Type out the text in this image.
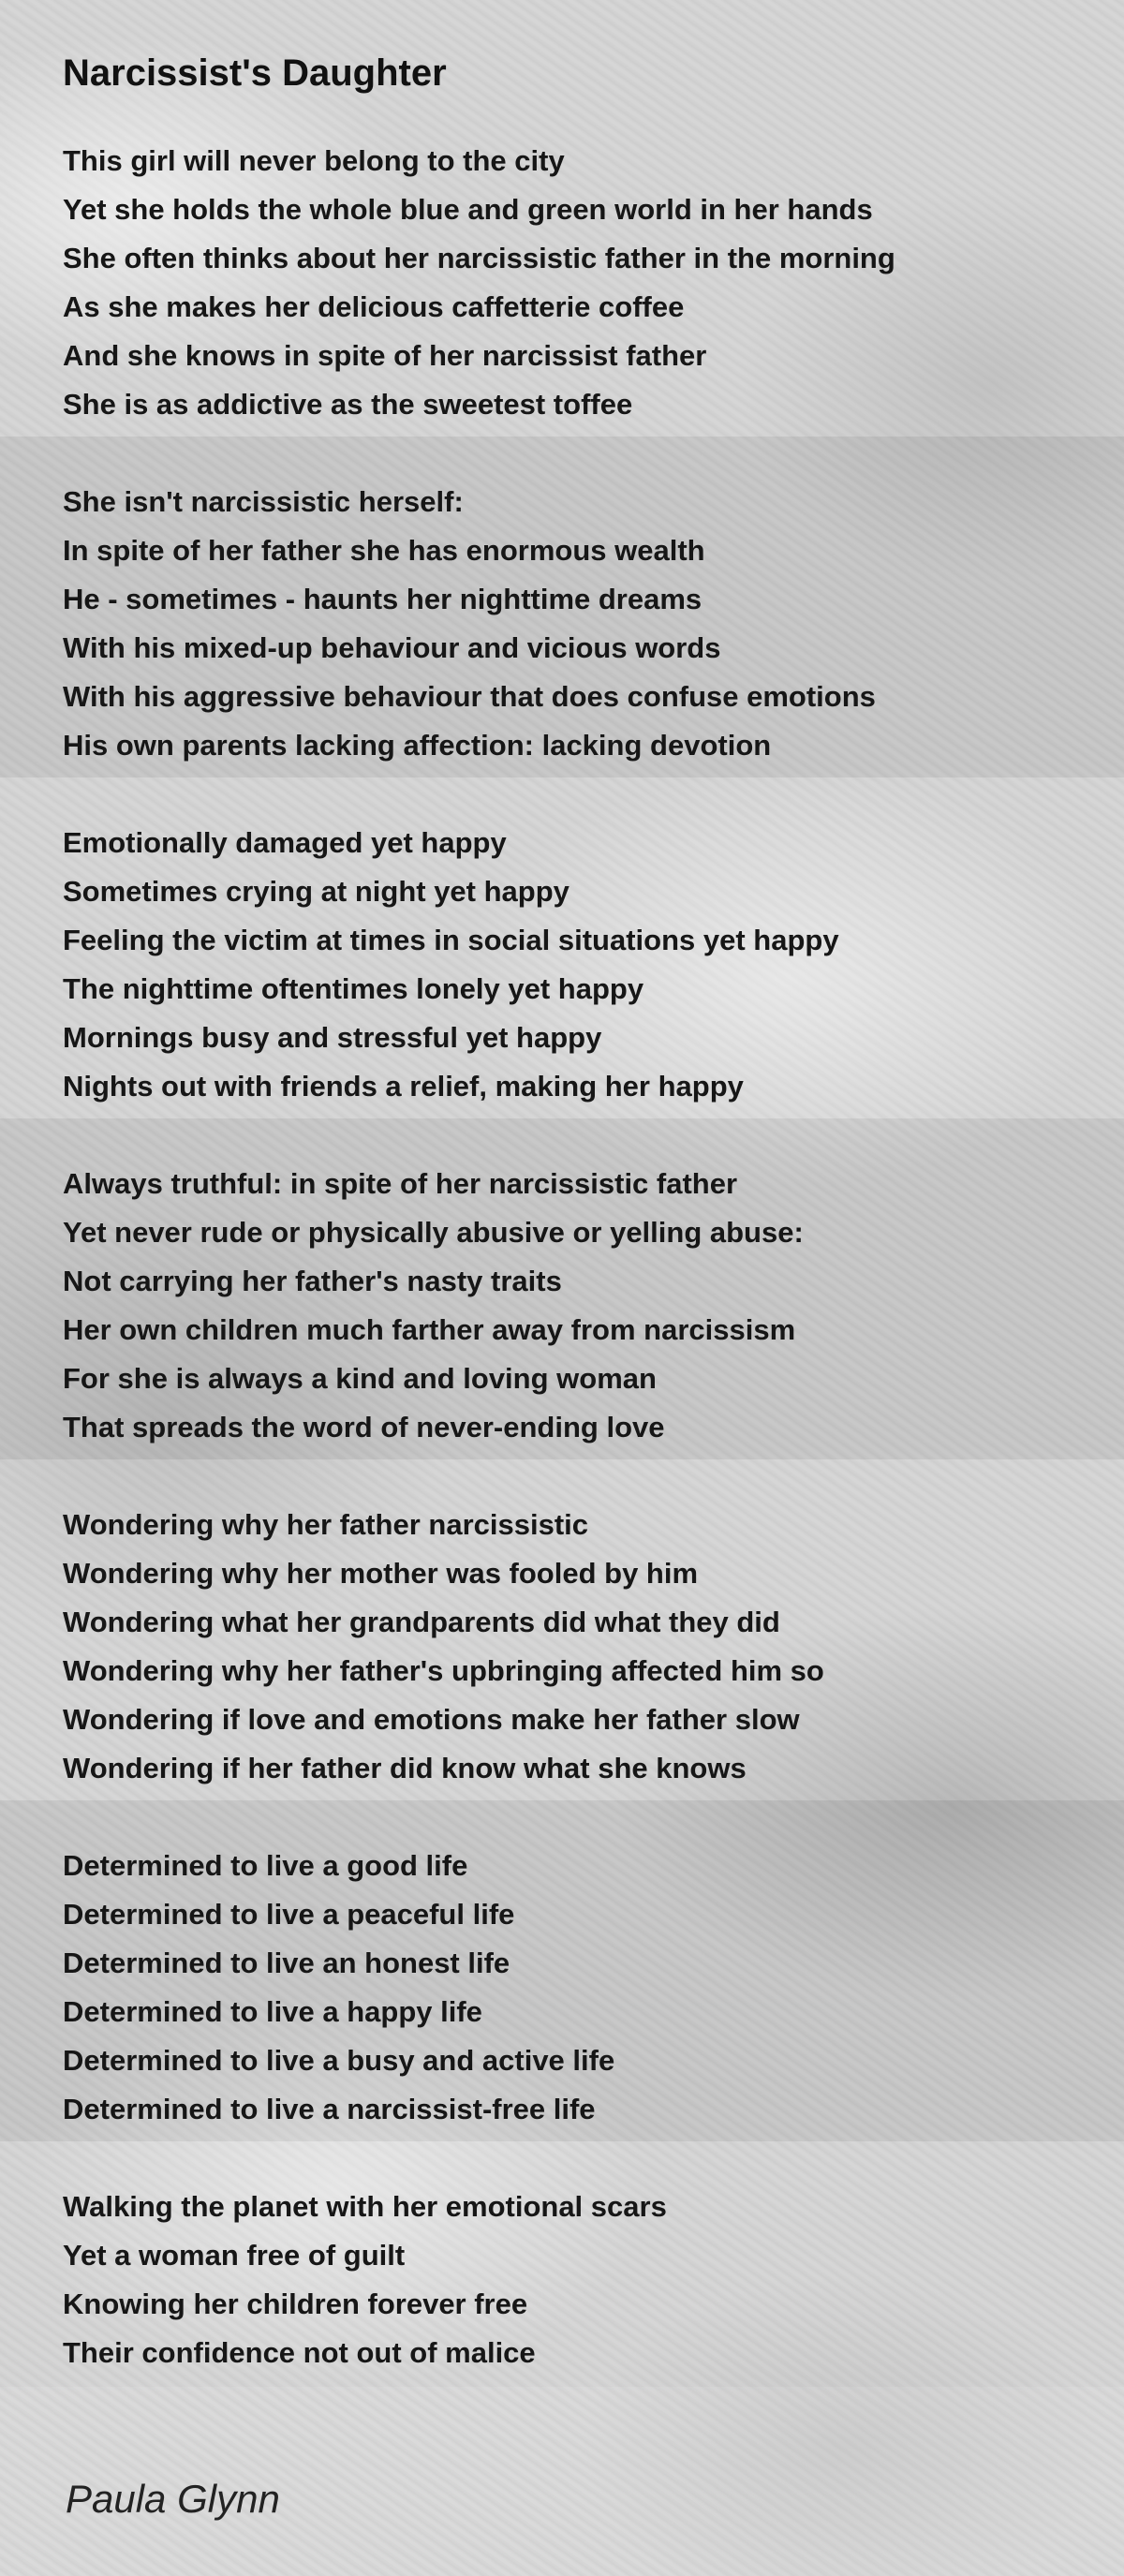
Narcissist's Daughter
This girl will never belong to the city
Yet she holds the whole blue and green world in her hands
She often thinks about her narcissistic father in the morning
As she makes her delicious caffetterie coffee
And she knows in spite of her narcissist father
She is as addictive as the sweetest toffee
She isn't narcissistic herself:
In spite of her father she has enormous wealth
He - sometimes - haunts her nighttime dreams
With his mixed-up behaviour and vicious words
With his aggressive behaviour that does confuse emotions
His own parents lacking affection: lacking devotion
Emotionally damaged yet happy
Sometimes crying at night yet happy
Feeling the victim at times in social situations yet happy
The nighttime oftentimes lonely yet happy
Mornings busy and stressful yet happy
Nights out with friends a relief, making her happy
Always truthful: in spite of her narcissistic father
Yet never rude or physically abusive or yelling abuse:
Not carrying her father's nasty traits
Her own children much farther away from narcissism
For she is always a kind and loving woman
That spreads the word of never-ending love
Wondering why her father narcissistic
Wondering why her mother was fooled by him
Wondering what her grandparents did what they did
Wondering why her father's upbringing affected him so
Wondering if love and emotions make her father slow
Wondering if her father did know what she knows
Determined to live a good life
Determined to live a peaceful life
Determined to live an honest life
Determined to live a happy life
Determined to live a busy and active life
Determined to live a narcissist-free life
Walking the planet with her emotional scars
Yet a woman free of guilt
Knowing her children forever free
Their confidence not out of malice
Paula Glynn
